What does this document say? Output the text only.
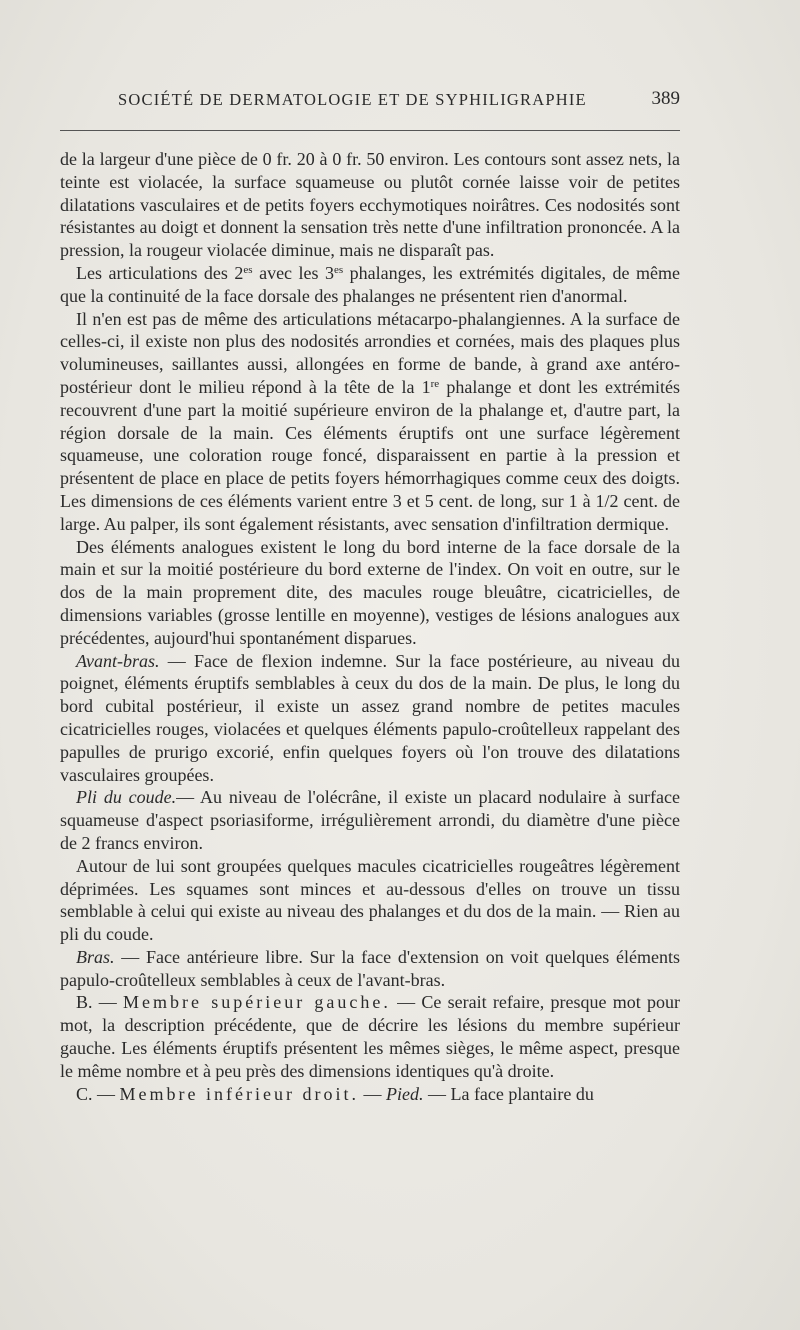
SOCIÉTÉ DE DERMATOLOGIE ET DE SYPHILIGRAPHIE	389

de la largeur d'une pièce de 0 fr. 20 à 0 fr. 50 environ. Les contours sont assez nets, la teinte est violacée, la surface squameuse ou plutôt cornée laisse voir de petites dilatations vasculaires et de petits foyers ecchymotiques noirâtres. Ces nodosités sont résistantes au doigt et donnent la sensation très nette d'une infiltration prononcée. A la pression, la rougeur violacée diminue, mais ne disparaît pas.

Les articulations des $2^{es}$ avec les $3^{es}$ phalanges, les extrémités digitales, de même que la continuité de la face dorsale des phalanges ne présentent rien d'anormal.

Il n'en est pas de même des articulations métacarpo-phalangiennes. A la surface de celles-ci, il existe non plus des nodosités arrondies et cornées, mais des plaques plus volumineuses, saillantes aussi, allongées en forme de bande, à grand axe antéro-postérieur dont le milieu répond à la tête de la 1re phalange et dont les extrémités recouvrent d'une part la moitié supérieure environ de la phalange et, d'autre part, la région dorsale de la main. Ces éléments éruptifs ont une surface légèrement squameuse, une coloration rouge foncé, disparaissent en partie à la pression et présentent de place en place de petits foyers hémorrhagiques comme ceux des doigts. Les dimensions de ces éléments varient entre 3 et 5 cent. de long, sur 1 à 1/2 cent. de large. Au palper, ils sont également résistants, avec sensation d'infiltration dermique.

Des éléments analogues existent le long du bord interne de la face dorsale de la main et sur la moitié postérieure du bord externe de l'index. On voit en outre, sur le dos de la main proprement dite, des macules rouge bleuâtre, cicatricielles, de dimensions variables (grosse lentille en moyenne), vestiges de lésions analogues aux précédentes, aujourd'hui spontanément disparues.

Avant-bras. — Face de flexion indemne. Sur la face postérieure, au niveau du poignet, éléments éruptifs semblables à ceux du dos de la main. De plus, le long du bord cubital postérieur, il existe un assez grand nombre de petites macules cicatricielles rouges, violacées et quelques éléments papulo-croûtelleux rappelant des papulles de prurigo excorié, enfin quelques foyers où l'on trouve des dilatations vasculaires groupées.

Pli du coude.— Au niveau de l'olécrâne, il existe un placard nodulaire à surface squameuse d'aspect psoriasiforme, irrégulièrement arrondi, du diamètre d'une pièce de 2 francs environ.

Autour de lui sont groupées quelques macules cicatricielles rougeâtres légèrement déprimées. Les squames sont minces et au-dessous d'elles on trouve un tissu semblable à celui qui existe au niveau des phalanges et du dos de la main. — Rien au pli du coude.

Bras. — Face antérieure libre. Sur la face d'extension on voit quelques éléments papulo-croûtelleux semblables à ceux de l'avant-bras.

B. — Membre supérieur gauche. — Ce serait refaire, presque mot pour mot, la description précédente, que de décrire les lésions du membre supérieur gauche. Les éléments éruptifs présentent les mêmes sièges, le même aspect, presque le même nombre et à peu près des dimensions identiques qu'à droite.

C. — Membre inférieur droit. — Pied. — La face plantaire du
